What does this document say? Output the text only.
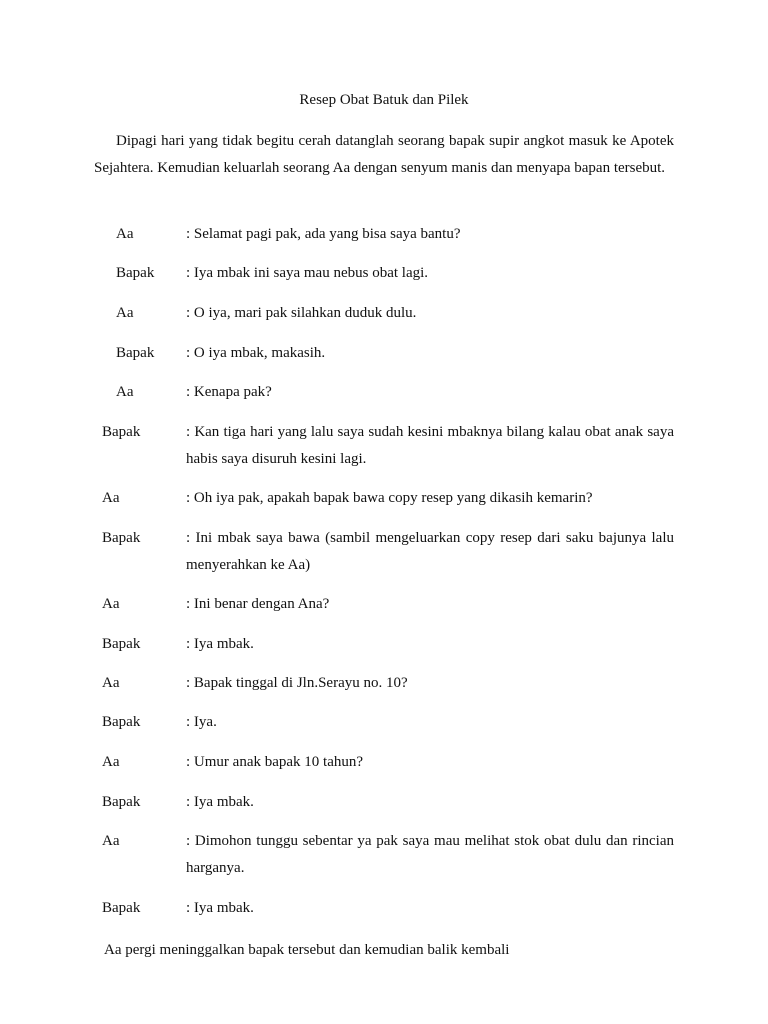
Resep Obat Batuk dan Pilek

Dipagi hari yang tidak begitu cerah datanglah seorang bapak supir angkot masuk ke Apotek Sejahtera. Kemudian keluarlah seorang Aa dengan senyum manis dan menyapa bapan tersebut.

Aa	: Selamat pagi pak, ada yang bisa saya bantu?

Bapak : Iya mbak ini saya mau nebus obat lagi.

Aa	: O iya, mari pak silahkan duduk dulu.

Bapak : O iya mbak, makasih.

Aa	: Kenapa pak?

Bapak	: Kan tiga hari yang lalu saya sudah kesini mbaknya bilang kalau obat anak saya habis saya disuruh kesini lagi.

Aa	: Oh iya pak, apakah bapak bawa copy resep yang dikasih kemarin?

Bapak	: Ini mbak saya bawa (sambil mengeluarkan copy resep dari saku bajunya lalu menyerahkan ke Aa)

Aa	: Ini benar dengan Ana?

Bapak	: Iya mbak.

Aa	: Bapak tinggal di Jln.Serayu no. 10?

Bapak	: Iya.

Aa	: Umur anak bapak 10 tahun?

Bapak	: Iya mbak.

Aa	: Dimohon tunggu sebentar ya pak saya mau melihat stok obat dulu dan rincian harganya.

Bapak	: Iya mbak.

Aa pergi meninggalkan bapak tersebut dan kemudian balik kembali
